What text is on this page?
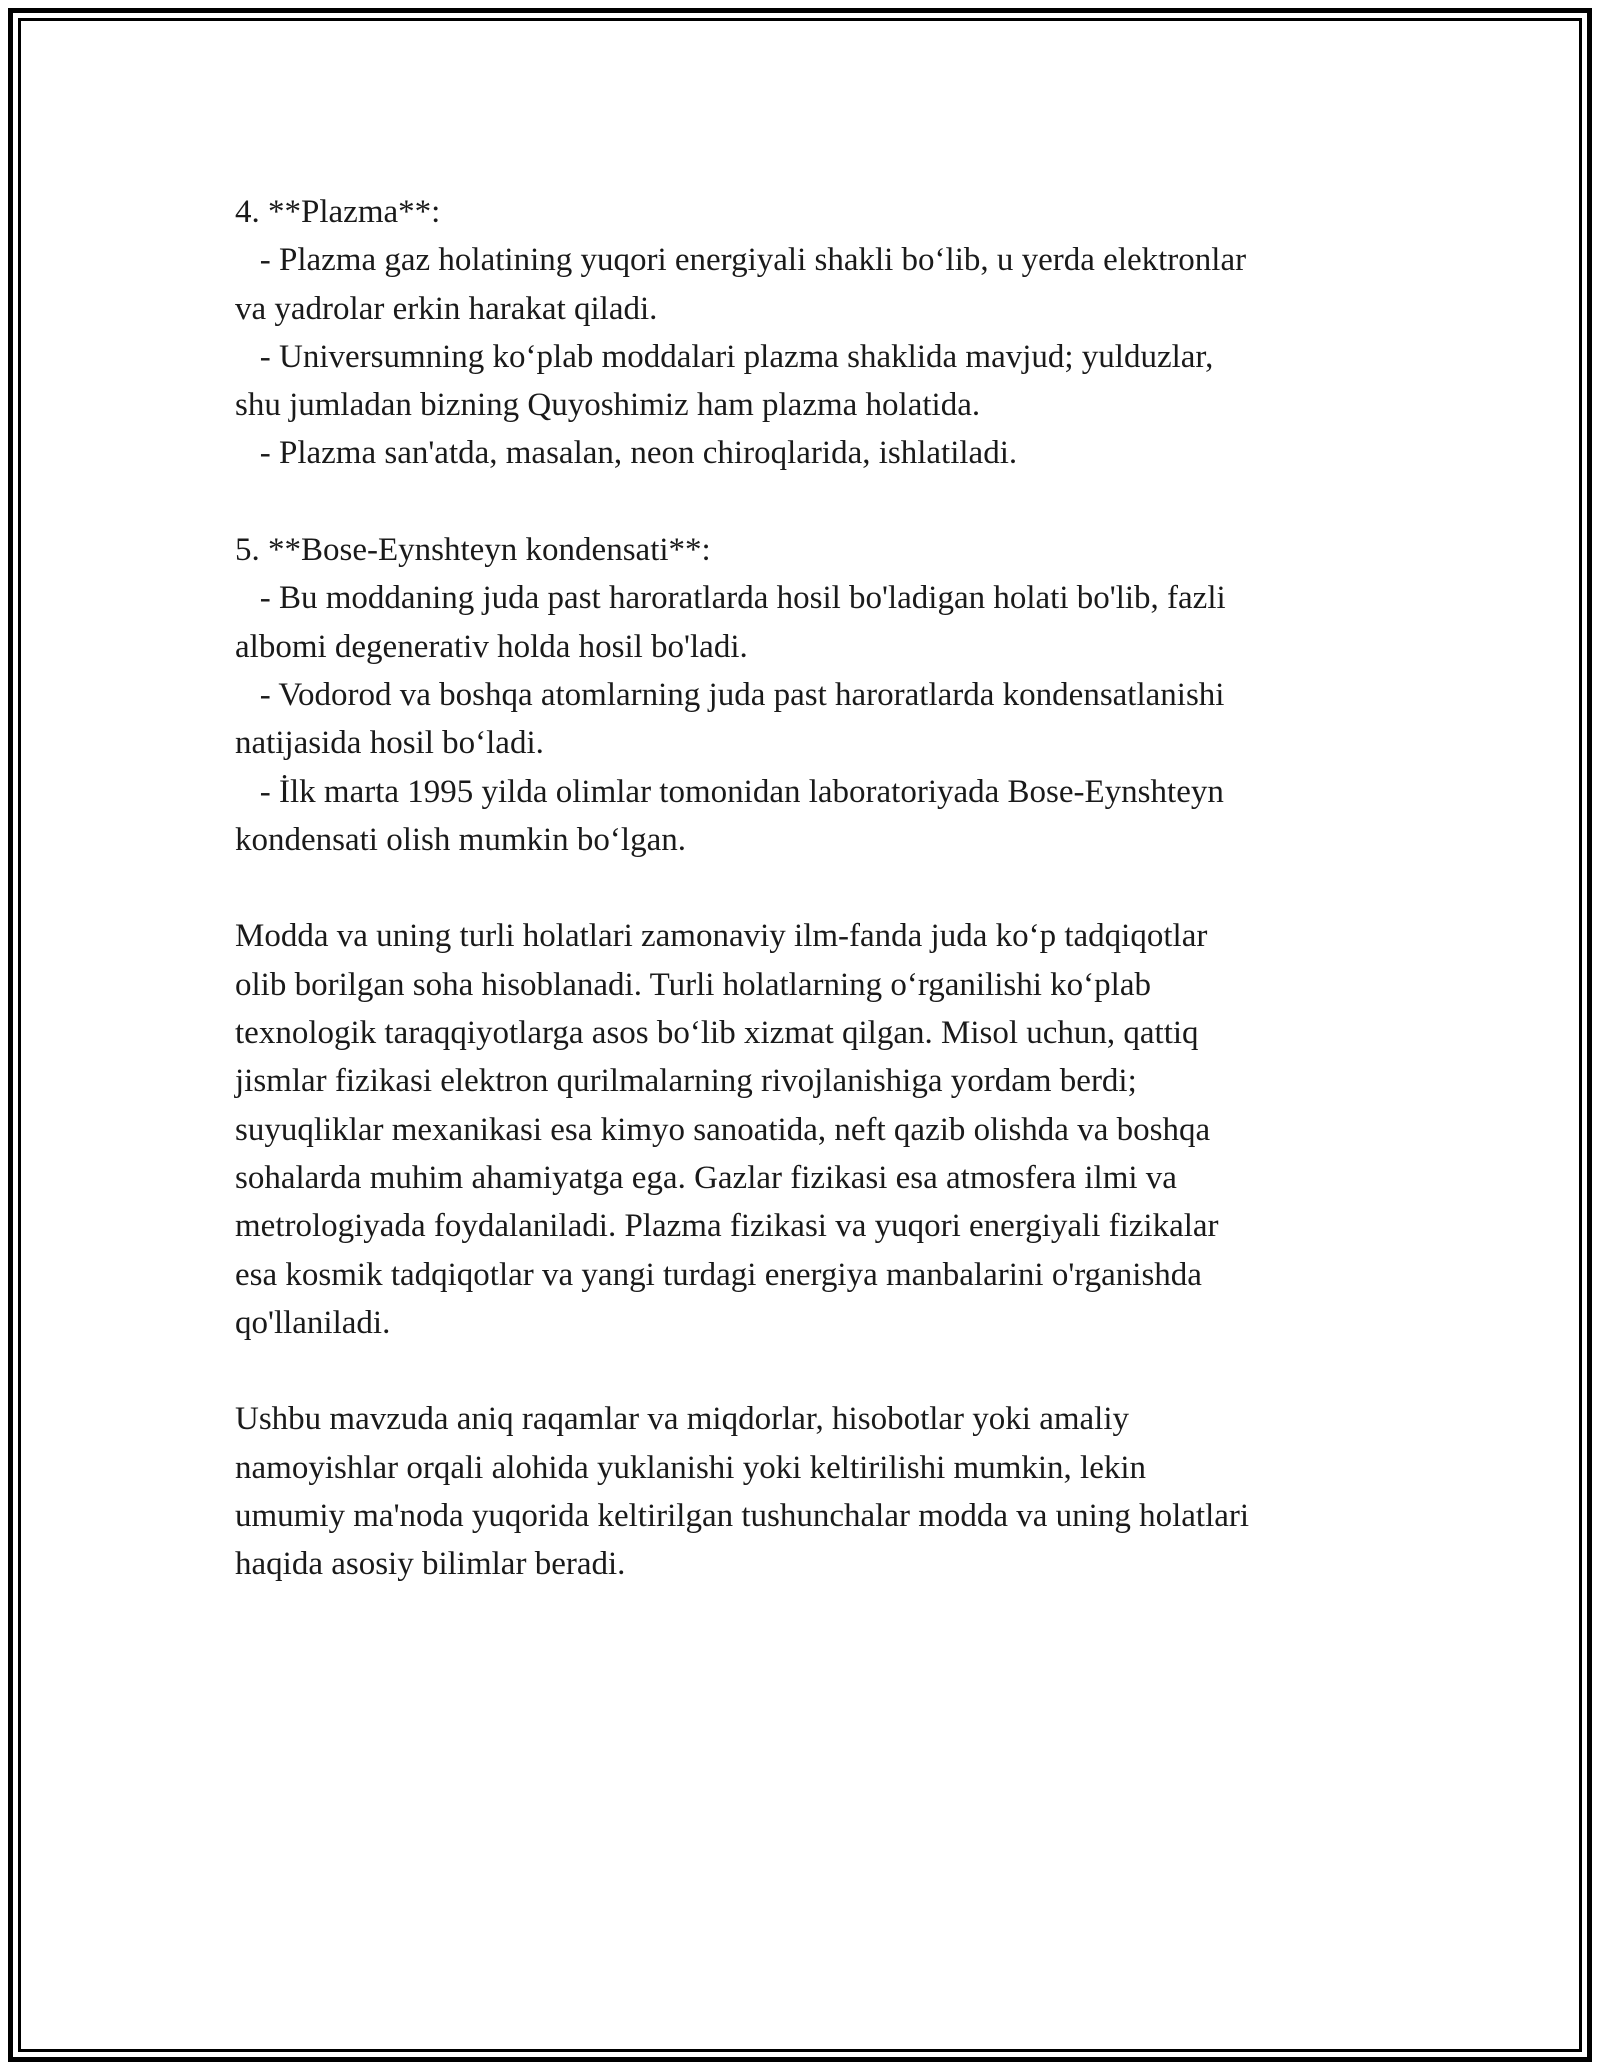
4. **Plazma**:

- Plazma gaz holatining yuqori energiyali shakli bo‘lib, u yerda elektronlar

va yadrolar erkin harakat qiladi.

- Universumning ko‘plab moddalari plazma shaklida mavjud; yulduzlar,

shu jumladan bizning Quyoshimiz ham plazma holatida.

- Plazma san'atda, masalan, neon chiroqlarida, ishlatiladi.

5. **Bose-Eynshteyn kondensati**:

- Bu moddaning juda past haroratlarda hosil bo'ladigan holati bo'lib, fazli

albomi degenerativ holda hosil bo'ladi.

- Vodorod va boshqa atomlarning juda past haroratlarda kondensatlanishi

natijasida hosil bo‘ladi.

- İlk marta 1995 yilda olimlar tomonidan laboratoriyada Bose-Eynshteyn

kondensati olish mumkin bo‘lgan.

Modda va uning turli holatlari zamonaviy ilm-fanda juda ko‘p tadqiqotlar

olib borilgan soha hisoblanadi. Turli holatlarning o‘rganilishi ko‘plab

texnologik taraqqiyotlarga asos bo‘lib xizmat qilgan. Misol uchun, qattiq

jismlar fizikasi elektron qurilmalarning rivojlanishiga yordam berdi;

suyuqliklar mexanikasi esa kimyo sanoatida, neft qazib olishda va boshqa

sohalarda muhim ahamiyatga ega. Gazlar fizikasi esa atmosfera ilmi va

metrologiyada foydalaniladi. Plazma fizikasi va yuqori energiyali fizikalar

esa kosmik tadqiqotlar va yangi turdagi energiya manbalarini o'rganishda

qo'llaniladi.

Ushbu mavzuda aniq raqamlar va miqdorlar, hisobotlar yoki amaliy

namoyishlar orqali alohida yuklanishi yoki keltirilishi mumkin, lekin

umumiy ma'noda yuqorida keltirilgan tushunchalar modda va uning holatlari

haqida asosiy bilimlar beradi.
